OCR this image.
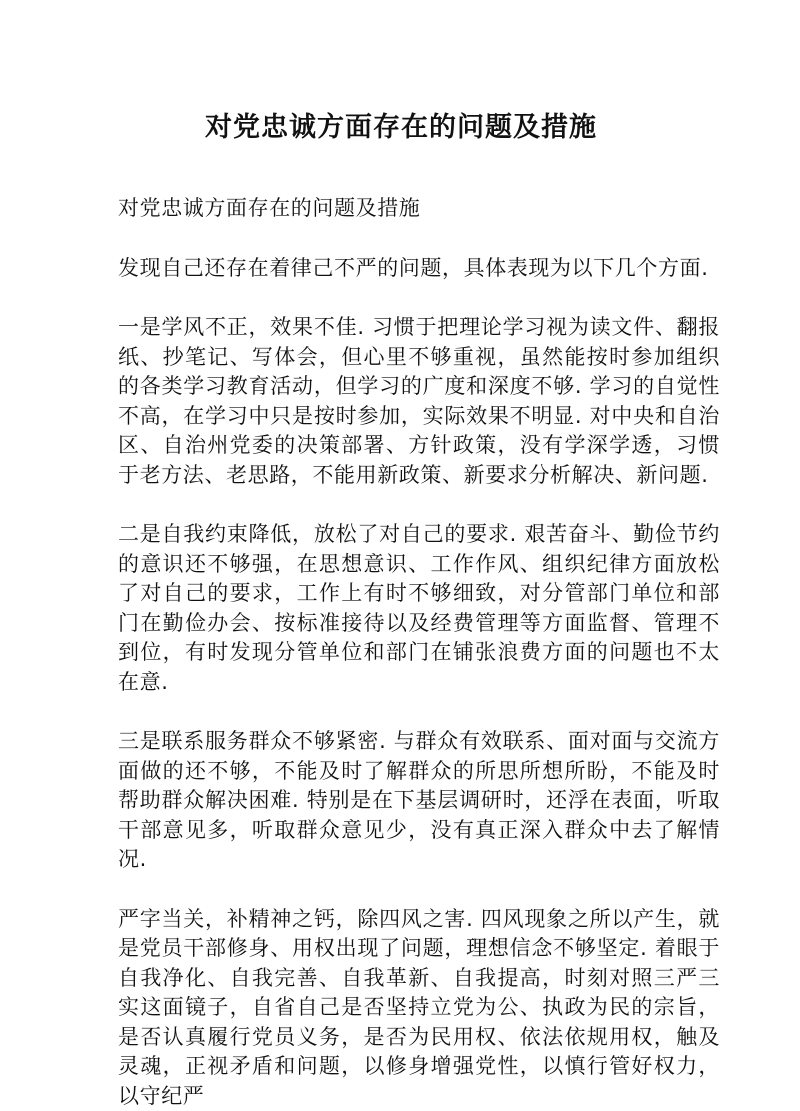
对党忠诚方面存在的问题及措施

对党忠诚方面存在的问题及措施

发现自己还存在着律己不严的问题，具体表现为以下几个方面.

一是学风不正，效果不佳. 习惯于把理论学习视为读文件、翻报纸、抄笔记、写体会，但心里不够重视，虽然能按时参加组织的各类学习教育活动，但学习的广度和深度不够. 学习的自觉性不高，在学习中只是按时参加，实际效果不明显. 对中央和自治区、自治州党委的决策部署、方针政策，没有学深学透，习惯于老方法、老思路，不能用新政策、新要求分析解决、新问题.

二是自我约束降低，放松了对自己的要求. 艰苦奋斗、勤俭节约的意识还不够强，在思想意识、工作作风、组织纪律方面放松了对自己的要求，工作上有时不够细致，对分管部门单位和部门在勤俭办会、按标准接待以及经费管理等方面监督、管理不到位，有时发现分管单位和部门在铺张浪费方面的问题也不太在意.

三是联系服务群众不够紧密. 与群众有效联系、面对面与交流方面做的还不够，不能及时了解群众的所思所想所盼，不能及时帮助群众解决困难. 特别是在下基层调研时，还浮在表面，听取干部意见多，听取群众意见少，没有真正深入群众中去了解情况.

严字当关，补精神之钙，除四风之害. 四风现象之所以产生，就是党员干部修身、用权出现了问题，理想信念不够坚定. 着眼于自我净化、自我完善、自我革新、自我提高，时刻对照三严三实这面镜子，自省自己是否坚持立党为公、执政为民的宗旨，是否认真履行党员义务，是否为民用权、依法依规用权，触及灵魂，正视矛盾和问题，以修身增强党性，以慎行管好权力，以守纪严
